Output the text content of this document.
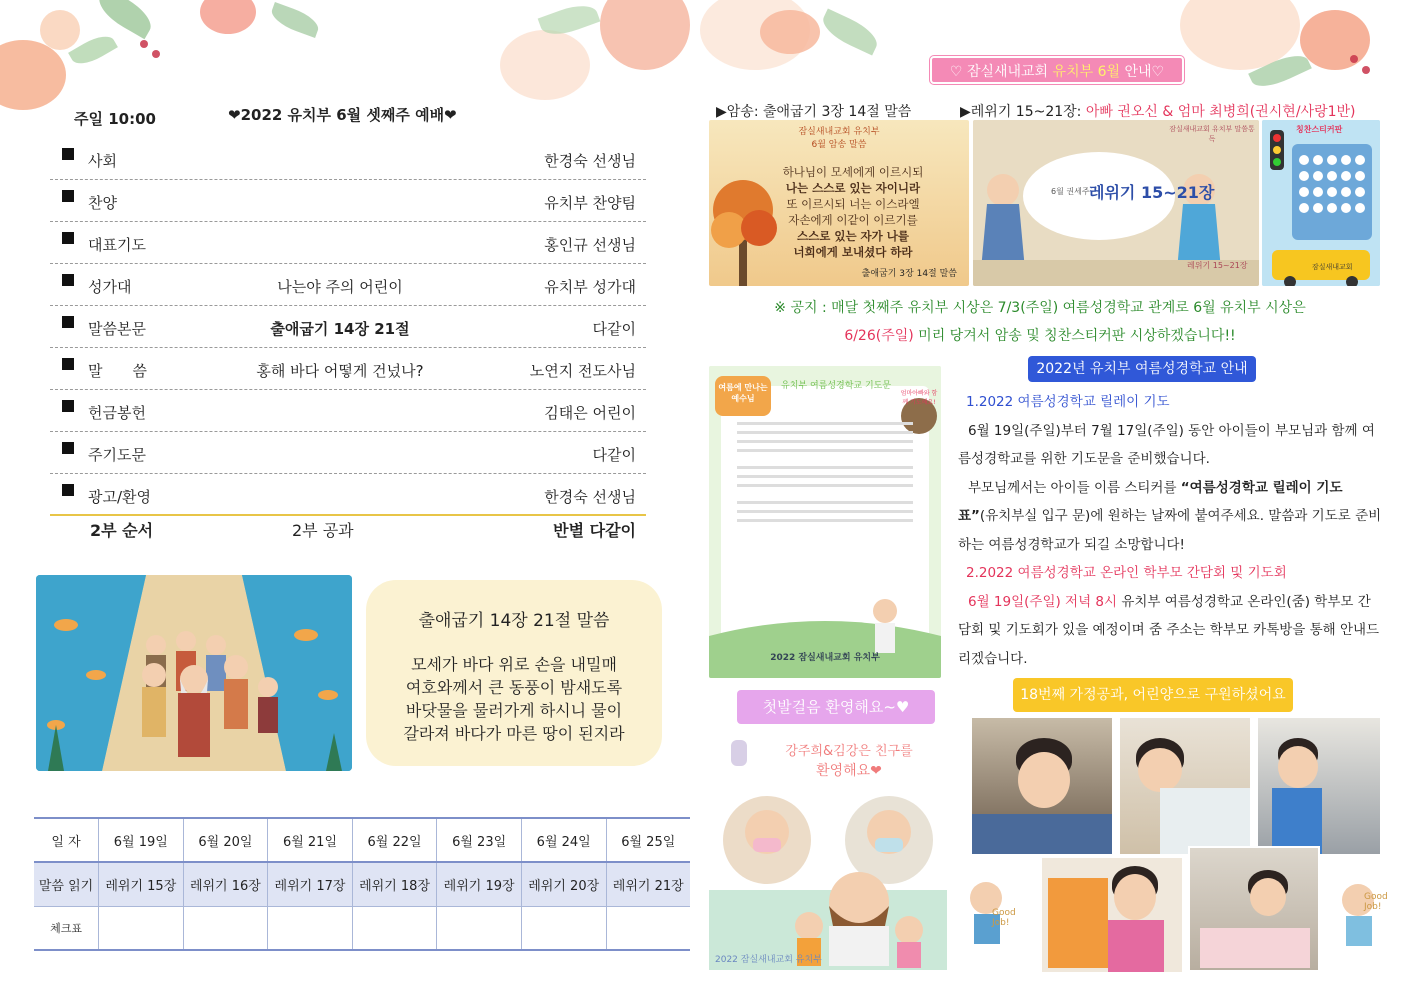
주일 10:00	❤2022 유치부 6월 셋째주 예배❤
사회	한경숙 선생님
찬양	유치부 찬양팀
대표기도	홍인규 선생님
성가대	나는야 주의 어린이	유치부 성가대
말씀본문	출애굽기 14장 21절	다같이
말　　씀	홍해 바다 어떻게 건넜나?	노연지 전도사님
헌금봉헌	김태은 어린이
주기도문	다같이
광고/환영	한경숙 선생님
2부 순서	2부 공과	반별 다같이
출애굽기 14장 21절 말씀
모세가 바다 위로 손을 내밀매
여호와께서 큰 동풍이 밤새도록
바닷물을 물러가게 하시니 물이
갈라져 바다가 마른 땅이 된지라
일 자	6월 19일	6월 20일	6월 21일	6월 22일	6월 23일	6월 24일	6월 25일
말씀 읽기	레위기 15장	레위기 16장	레위기 17장	레위기 18장	레위기 19장	레위기 20장	레위기 21장
체크표							
♡ 잠실새내교회 유치부 6월 안내♡
▶암송: 출애굽기 3장 14절 말씀	▶레위기 15~21장: 아빠 권오신 & 엄마 최병희(권시현/사랑1반)
잠실새내교회 유치부
6월 암송 말씀
하나님이 모세에게 이르시되
나는 스스로 있는 자이니라
또 이르시되 너는 이스라엘
자손에게 이같이 이르기를
스스로 있는 자가 나를
너희에게 보내셨다 하라
출애굽기 3장 14절 말씀
6월 권세주 레위기 15~21장
잠실새내교회 유치부 말씀통독
레위기 15~21장
칭찬스티커판
잠실새내교회
※ 공지 : 매달 첫째주 유치부 시상은 7/3(주일) 여름성경학교 관계로 6월 유치부 시상은
6/26(주일) 미리 당겨서 암송 및 칭찬스티커판 시상하겠습니다!!
여름에 만나는 예수님
유치부 여름성경학교 기도문
엄마아빠와 함께 기도해요!
2022 잠실새내교회 유치부
2022년 유치부 여름성경학교 안내
1.2022 여름성경학교 릴레이 기도
6월 19일(주일)부터 7월 17일(주일) 동안 아이들이 부모님과 함께 여름성경학교를 위한 기도문을 준비했습니다.
부모님께서는 아이들 이름 스티커를 “여름성경학교 릴레이 기도표”(유치부실 입구 문)에 원하는 날짜에 붙여주세요. 말씀과 기도로 준비하는 여름성경학교가 되길 소망합니다!
2.2022 여름성경학교 온라인 학부모 간담회 및 기도회
6월 19일(주일) 저녁 8시 유치부 여름성경학교 온라인(줌) 학부모 간담회 및 기도회가 있을 예정이며 줌 주소는 학부모 카톡방을 통해 안내드리겠습니다.
첫발걸음 환영해요~♥
강주희&김강은 친구를
환영해요❤
2022 잠실새내교회 유치부
18번째 가정공과, 어린양으로 구원하셨어요
Good Job!
Good Job!
